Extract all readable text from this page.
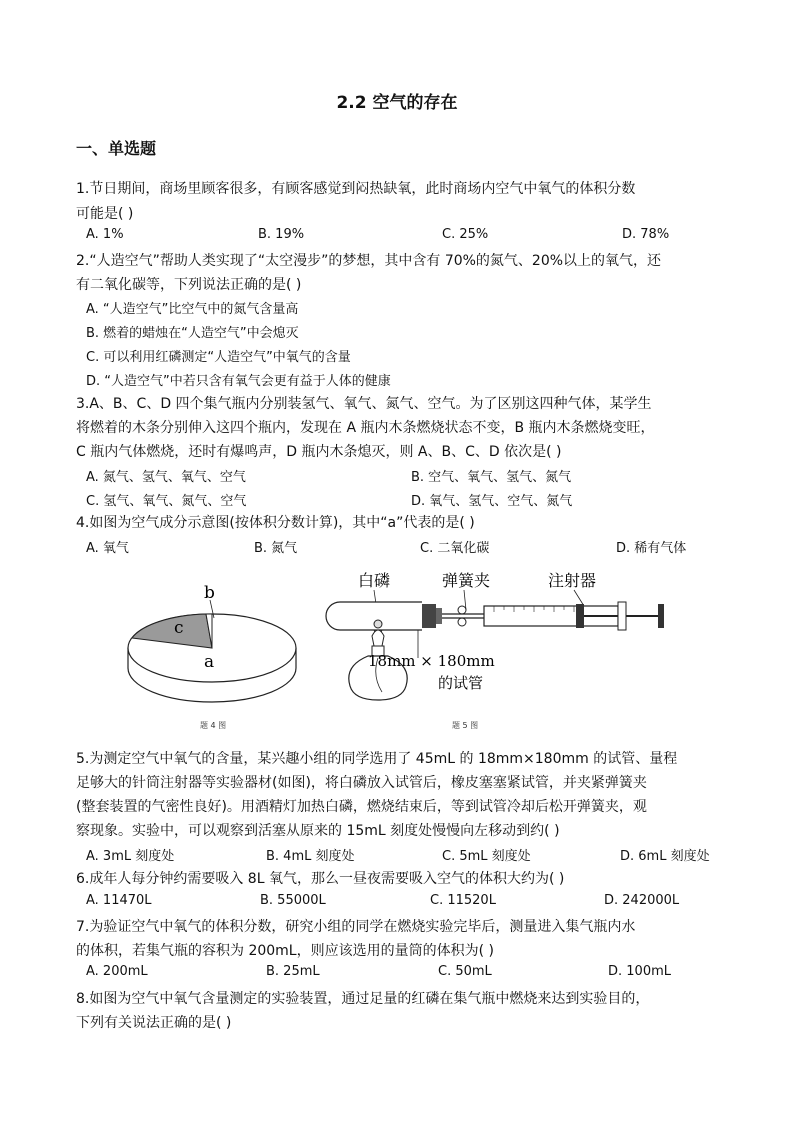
2.2 空气的存在
一、单选题
1.节日期间，商场里顾客很多，有顾客感觉到闷热缺氧，此时商场内空气中氧气的体积分数
可能是( )
A. 1%	B. 19%	C. 25%	D. 78%
2.“人造空气”帮助人类实现了“太空漫步”的梦想，其中含有 70%的氮气、20%以上的氧气，还
有二氧化碳等，下列说法正确的是( )
A. “人造空气”比空气中的氮气含量高
B. 燃着的蜡烛在“人造空气”中会熄灭
C. 可以利用红磷测定“人造空气”中氧气的含量
D. “人造空气”中若只含有氧气会更有益于人体的健康
3.A、B、C、D 四个集气瓶内分别装氢气、氧气、氮气、空气。为了区别这四种气体，某学生
将燃着的木条分别伸入这四个瓶内，发现在 A 瓶内木条燃烧状态不变，B 瓶内木条燃烧变旺，
C 瓶内气体燃烧，还时有爆鸣声，D 瓶内木条熄灭，则 A、B、C、D 依次是( )
A. 氮气、氢气、氧气、空气	B. 空气、氧气、氢气、氮气
C. 氢气、氧气、氮气、空气	D. 氧气、氢气、空气、氮气
4.如图为空气成分示意图(按体积分数计算)，其中“a”代表的是( )
A. 氧气	B. 氮气	C. 二氧化碳	D. 稀有气体
b
c
a
题 4 图
白磷	弹簧夹	注射器
18mm × 180mm
的试管
题 5 图
5.为测定空气中氧气的含量，某兴趣小组的同学选用了 45mL 的 18mm×180mm 的试管、量程
足够大的针筒注射器等实验器材(如图)，将白磷放入试管后，橡皮塞塞紧试管，并夹紧弹簧夹
(整套装置的气密性良好)。用酒精灯加热白磷，燃烧结束后，等到试管冷却后松开弹簧夹，观
察现象。实验中，可以观察到活塞从原来的 15mL 刻度处慢慢向左移动到约( )
A. 3mL 刻度处	B. 4mL 刻度处	C. 5mL 刻度处	D. 6mL 刻度处
6.成年人每分钟约需要吸入 8L 氧气，那么一昼夜需要吸入空气的体积大约为( )
A. 11470L	B. 55000L	C. 11520L	D. 242000L
7.为验证空气中氧气的体积分数，研究小组的同学在燃烧实验完毕后，测量进入集气瓶内水
的体积，若集气瓶的容积为 200mL，则应该选用的量筒的体积为( )
A. 200mL	B. 25mL	C. 50mL	D. 100mL
8.如图为空气中氧气含量测定的实验装置，通过足量的红磷在集气瓶中燃烧来达到实验目的，
下列有关说法正确的是( )
